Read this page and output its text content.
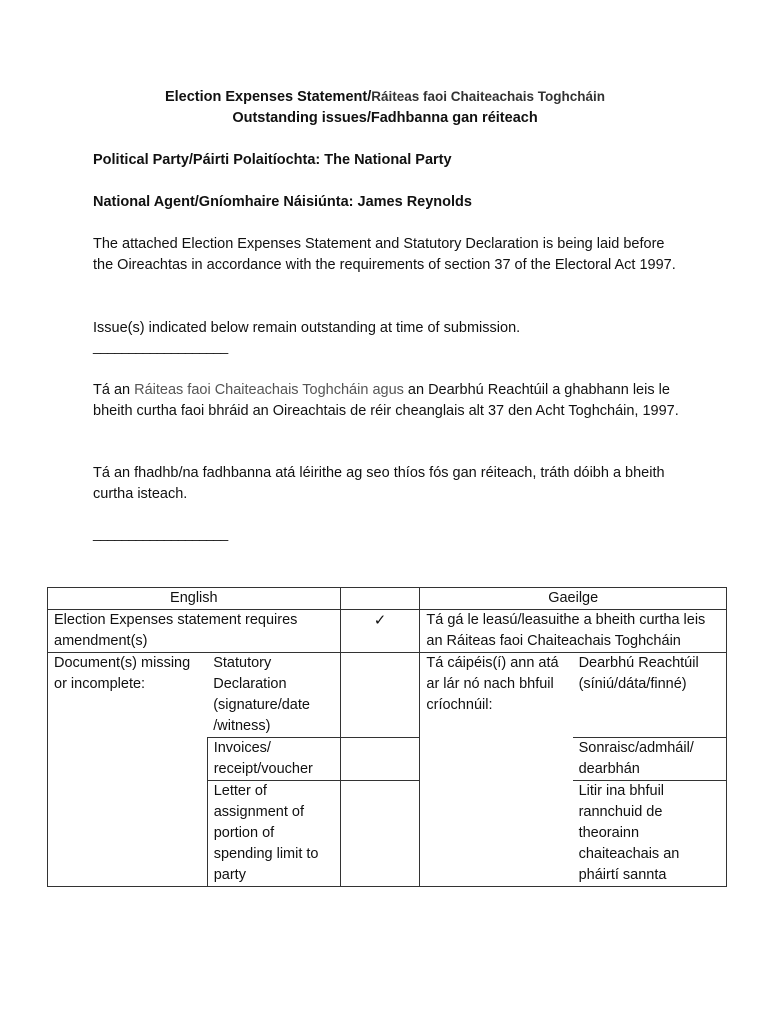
Election Expenses Statement/Ráiteas faoi Chaiteachais Toghcháin
Outstanding issues/Fadhbanna gan réiteach
Political Party/Páirti Polaitíochta: The National Party
National Agent/Gníomhaire Náisiúnta: James Reynolds
The attached Election Expenses Statement and Statutory Declaration is being laid before the Oireachtas in accordance with the requirements of section 37 of the Electoral Act 1997.
Issue(s) indicated below remain outstanding at time of submission.
___________________
Tá an Ráiteas faoi Chaiteachais Toghcháin agus an Dearbhú Reachtúil a ghabhann leis le bheith curtha faoi bhráid an Oireachtais de réir cheanglais alt 37 den Acht Toghcháin, 1997.
Tá an fhadhb/na fadhbanna atá léirithe ag seo thíos fós gan réiteach, tráth dóibh a bheith curtha isteach.
___________________
English			Gaeilge	
Election Expenses statement requires amendment(s)		✓	Tá gá le leasú/leasuithe a bheith curtha leis an Ráiteas faoi Chaiteachais Toghcháin	
Document(s) missing or incomplete:	Statutory Declaration (signature/date /witness)		Tá cáipéis(í) ann atá ar lár nó nach bhfuil críochnúil:	Dearbhú Reachtúil (síniú/dáta/finné)
	Invoices/ receipt/voucher			Sonraisc/admháil/ dearbhán
	Letter of assignment of portion of spending limit to party			Litir ina bhfuil rannchuid de theorainn chaiteachais an pháirtí sannta
